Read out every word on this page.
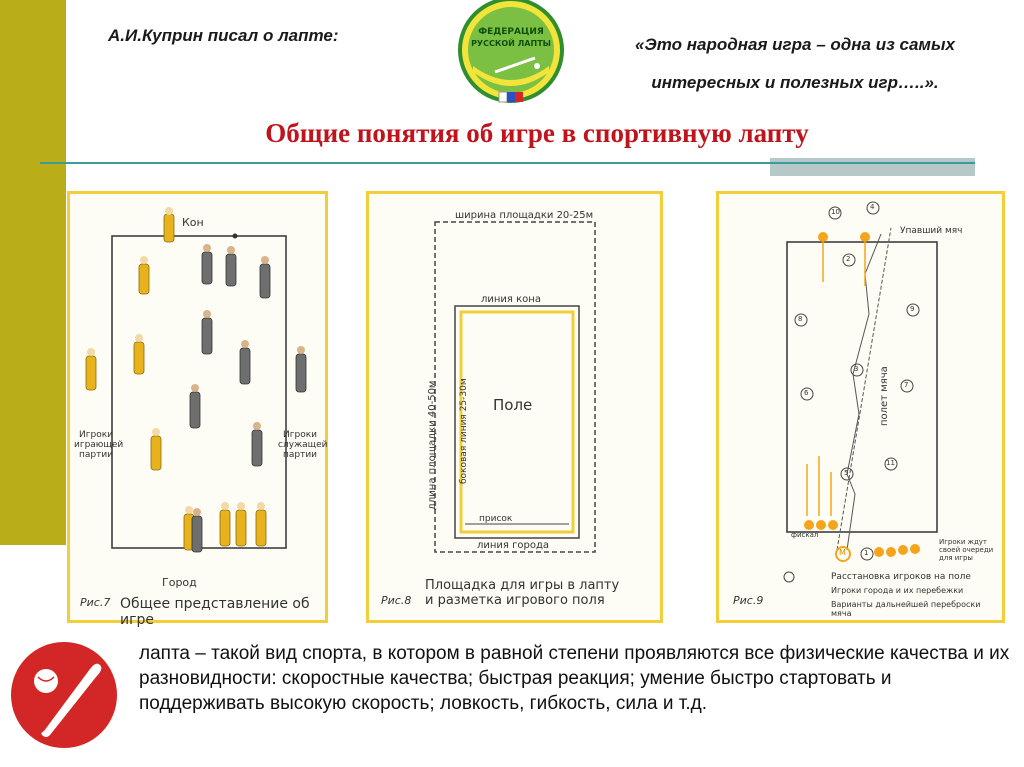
А.И.Куприн писал о лапте:	«Это народная игра – одна из самых
интересных и полезных игр…..».
ФЕДЕРАЦИЯ
РУССКОЙ ЛАПТЫ
Общие понятия об игре в спортивную лапту
Кон
Город
Игроки играющей партии
Игроки служащей партии
Рис.7 Общее представление об игре
ширина площадки 20-25м
линия кона
длина площадки 40-50м боковая линия 25-30м Поле
присок
линия города
Рис.8
Площадка для игры в лапту
и разметка игрового поля
Упавший мяч
полет мяча
Игроки ждут своей очереди для игры
фискал
Расстановка игроков на поле
Игроки города и их перебежки
Варианты дальнейшей переброски мяча
Рис.9
10
4
2
8
9
3
6
7
5
11
1
M
лапта – такой вид спорта, в котором в равной степени проявляются все физические качества и их разновидности: скоростные качества; быстрая реакция; умение быстро стартовать и поддерживать высокую скорость; ловкость, гибкость, сила и т.д.
